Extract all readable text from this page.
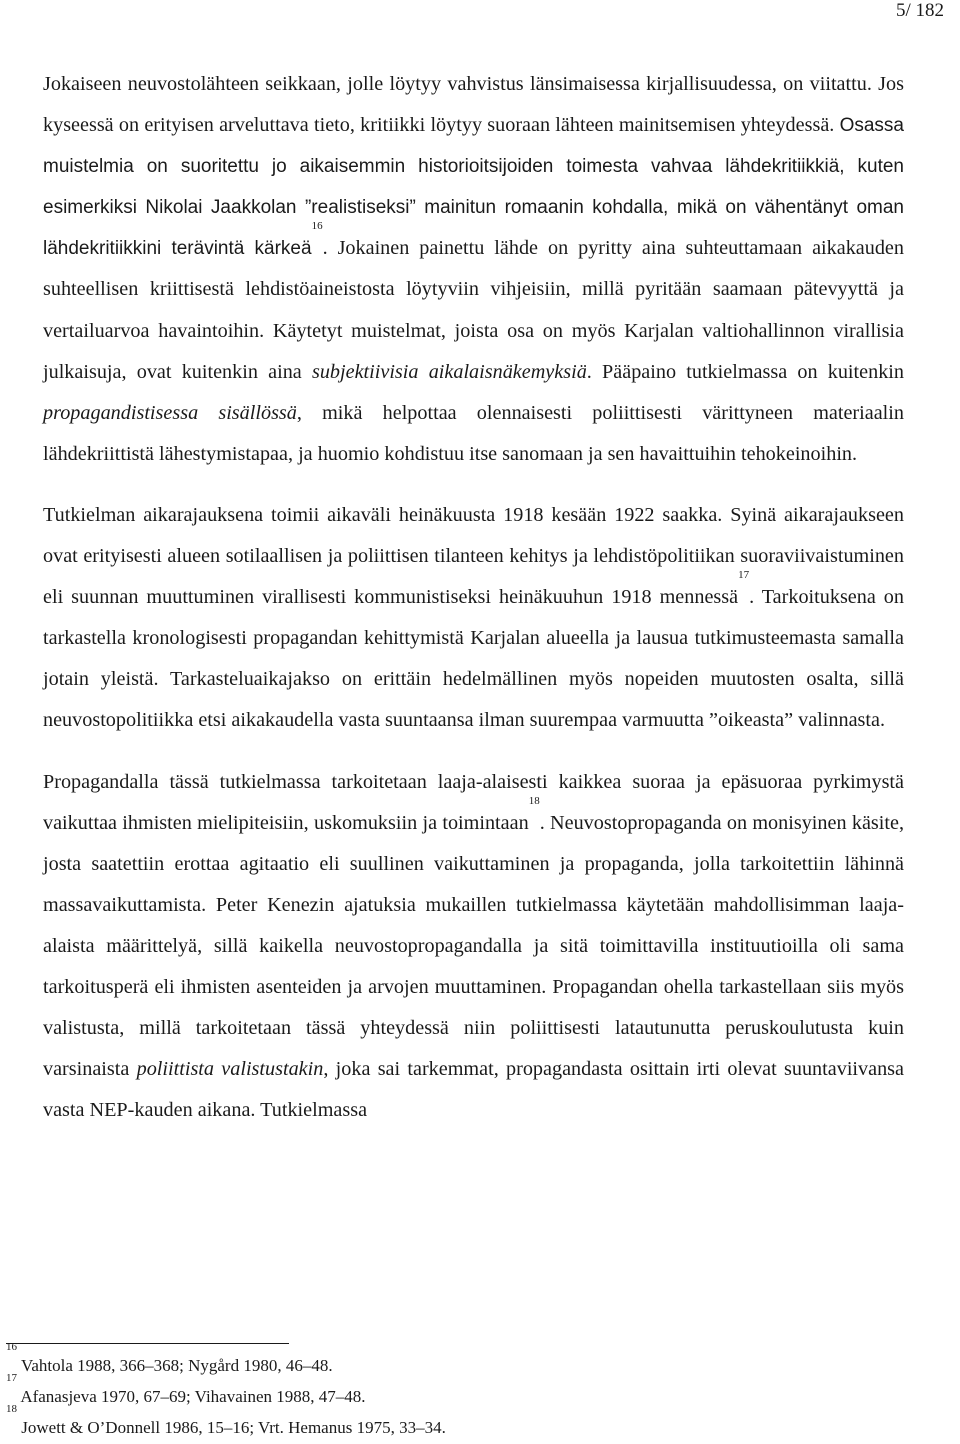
5/ 182

Jokaiseen neuvostolähteen seikkaan, jolle löytyy vahvistus länsimaisessa kirjallisuudessa, on viitattu. Jos kyseessä on erityisen arveluttava tieto, kritiikki löytyy suoraan lähteen mainitsemisen yhteydessä. Osassa muistelmia on suoritettu jo aikaisemmin historioitsijoiden toimesta vahvaa lähdekritiikkiä, kuten esimerkiksi Nikolai Jaakkolan ”realistiseksi” mainitun romaanin kohdalla, mikä on vähentänyt oman lähdekritiikkini terävintä kärkeä$^{16}$. Jokainen painettu lähde on pyritty aina suhteuttamaan aikakauden suhteellisen kriittisestä lehdistöaineistosta löytyviin vihjeisiin, millä pyritään saamaan pätevyyttä ja vertailuarvoa havaintoihin. Käytetyt muistelmat, joista osa on myös Karjalan valtiohallinnon virallisia julkaisuja, ovat kuitenkin aina subjektiivisia aikalaisnäkemyksiä. Pääpaino tutkielmassa on kuitenkin propagandistisessa sisällössä, mikä helpottaa olennaisesti poliittisesti värittyneen materiaalin lähdekriittistä lähestymistapaa, ja huomio kohdistuu itse sanomaan ja sen havaittuihin tehokeinoihin.

Tutkielman aikarajauksena toimii aikaväli heinäkuusta 1918 kesään 1922 saakka. Syinä aikarajaukseen ovat erityisesti alueen sotilaallisen ja poliittisen tilanteen kehitys ja lehdistöpolitiikan suoraviivaistuminen eli suunnan muuttuminen virallisesti kommunistiseksi heinäkuuhun 1918 mennessä$^{17}$. Tarkoituksena on tarkastella kronologisesti propagandan kehittymistä Karjalan alueella ja lausua tutkimusteemasta samalla jotain yleistä. Tarkasteluaikajakso on erittäin hedelmällinen myös nopeiden muutosten osalta, sillä neuvostopolitiikka etsi aikakaudella vasta suuntaansa ilman suurempaa varmuutta ”oikeasta” valinnasta.

Propagandalla tässä tutkielmassa tarkoitetaan laaja-alaisesti kaikkea suoraa ja epäsuoraa pyrkimystä vaikuttaa ihmisten mielipiteisiin, uskomuksiin ja toimintaan$^{18}$. Neuvostopropaganda on monisyinen käsite, josta saatettiin erottaa agitaatio eli suullinen vaikuttaminen ja propaganda, jolla tarkoitettiin lähinnä massavaikuttamista. Peter Kenezin ajatuksia mukaillen tutkielmassa käytetään mahdollisimman laaja-alaista määrittelyä, sillä kaikella neuvostopropagandalla ja sitä toimittavilla instituutioilla oli sama tarkoitusperä eli ihmisten asenteiden ja arvojen muuttaminen. Propagandan ohella tarkastellaan siis myös valistusta, millä tarkoitetaan tässä yhteydessä niin poliittisesti latautunutta peruskoulutusta kuin varsinaista poliittista valistustakin, joka sai tarkemmat, propagandasta osittain irti olevat suuntaviivansa vasta NEP-kauden aikana. Tutkielmassa

$^{16}$ Vahtola 1988, 366–368; Nygård 1980, 46–48.
$^{17}$ Afanasjeva 1970, 67–69; Vihavainen 1988, 47–48.
$^{18}$ Jowett & O’Donnell 1986, 15–16; Vrt. Hemanus 1975, 33–34.
